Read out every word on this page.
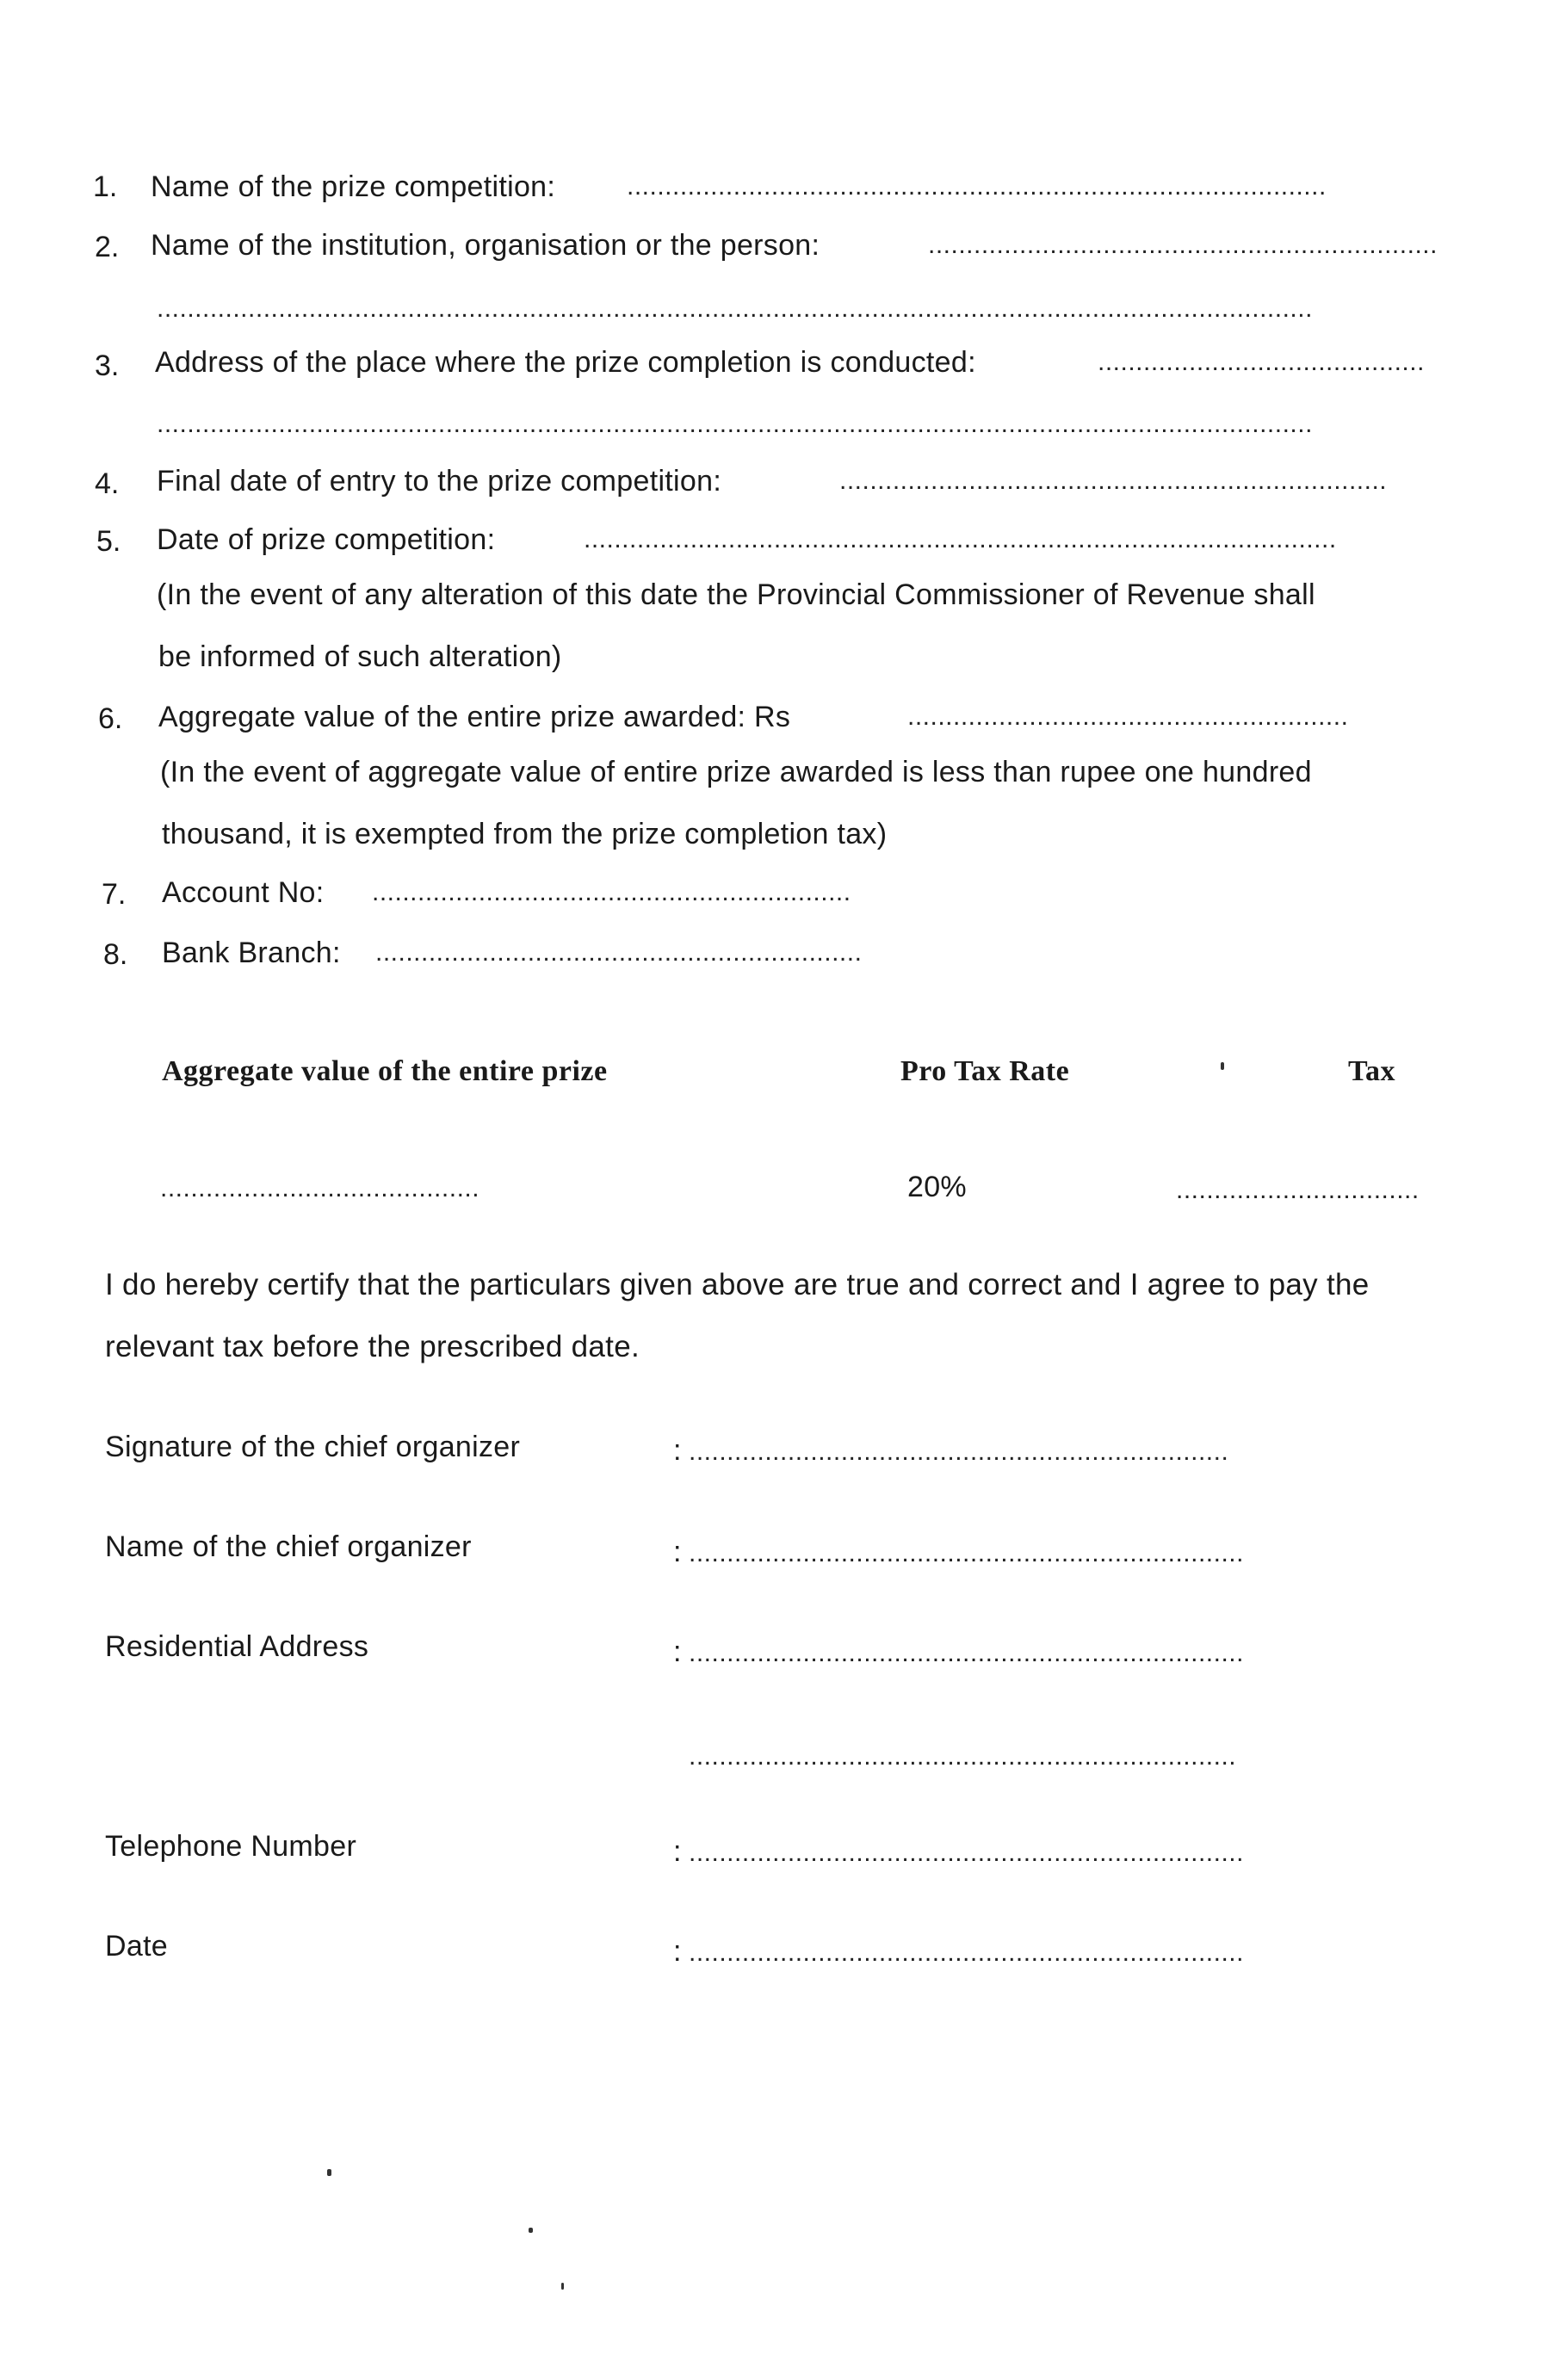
1. Name of the prize competition:	............................................................................................
2. Name of the institution, organisation or the person:	...................................................................
........................................................................................................................................................
3. Address of the place where the prize completion is conducted:	...........................................
........................................................................................................................................................
4. Final date of entry to the prize competition:	........................................................................
5. Date of prize competition:	...................................................................................................
(In the event of any alteration of this date the Provincial Commissioner of Revenue shall
be informed of such alteration)
6. Aggregate value of the entire prize awarded: Rs	..........................................................
(In the event of aggregate value of entire prize awarded is less than rupee one hundred
thousand, it is exempted from the prize completion tax)
7. Account No: ...............................................................
8. Bank Branch: ................................................................
Aggregate value of the entire prize	Pro Tax Rate	Tax
..........................................	20%	................................
I do hereby certify that the particulars given above are true and correct and I agree to pay the
relevant tax before the prescribed date.
Signature of the chief organizer	: .......................................................................
Name of the chief organizer	: .........................................................................
Residential Address	: .........................................................................
........................................................................
Telephone Number	: .........................................................................
Date	: .........................................................................
